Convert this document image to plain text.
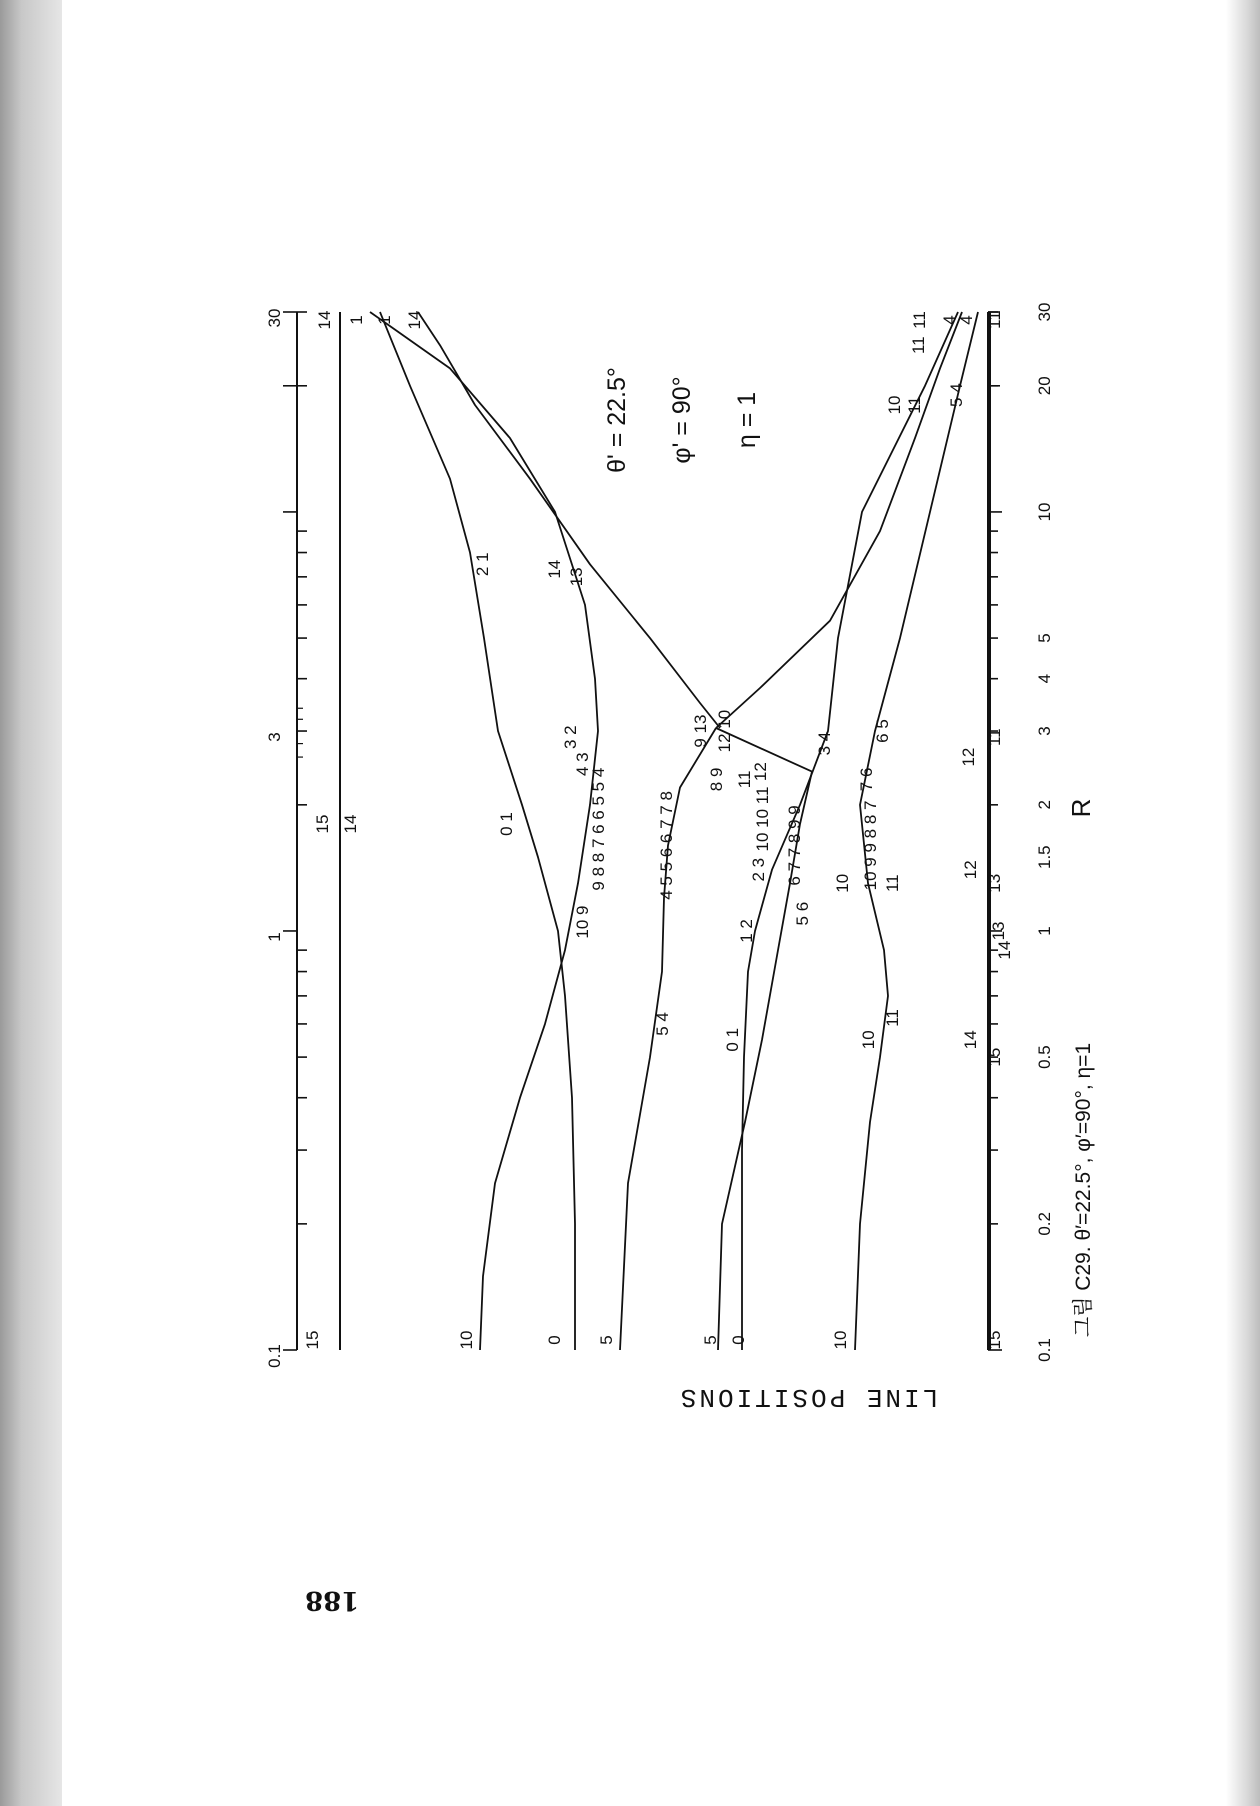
0.1
1
3
30
0.1
0.2
0.5
1
1.5
2
3
4
5
10
20
30
15	10	0 5	5 0	10	15
14 1 1 14	11 4
4 11
15 14	0 1
3 2
4 3
9 8 8 7 6 6 5 5 4
10 9
2 1	14 13
4 5 5 6 6 7 7 8
8 9
5 4
9 13 12 10
11
12
10 10 11
2 3
1 2
0 1
6 7 7 8 9 9
5 6
3 4
6 5
7 6
10 9 9 8 8 7
10 11
10
11
10 11 5 4
11
12
11
12
13
13
14
14
15
θ' = 22.5° φ' = 90° η = 1
LINE POSITIONS
R
그림 C29. θ′=22.5°, φ′=90°, η=1
188
